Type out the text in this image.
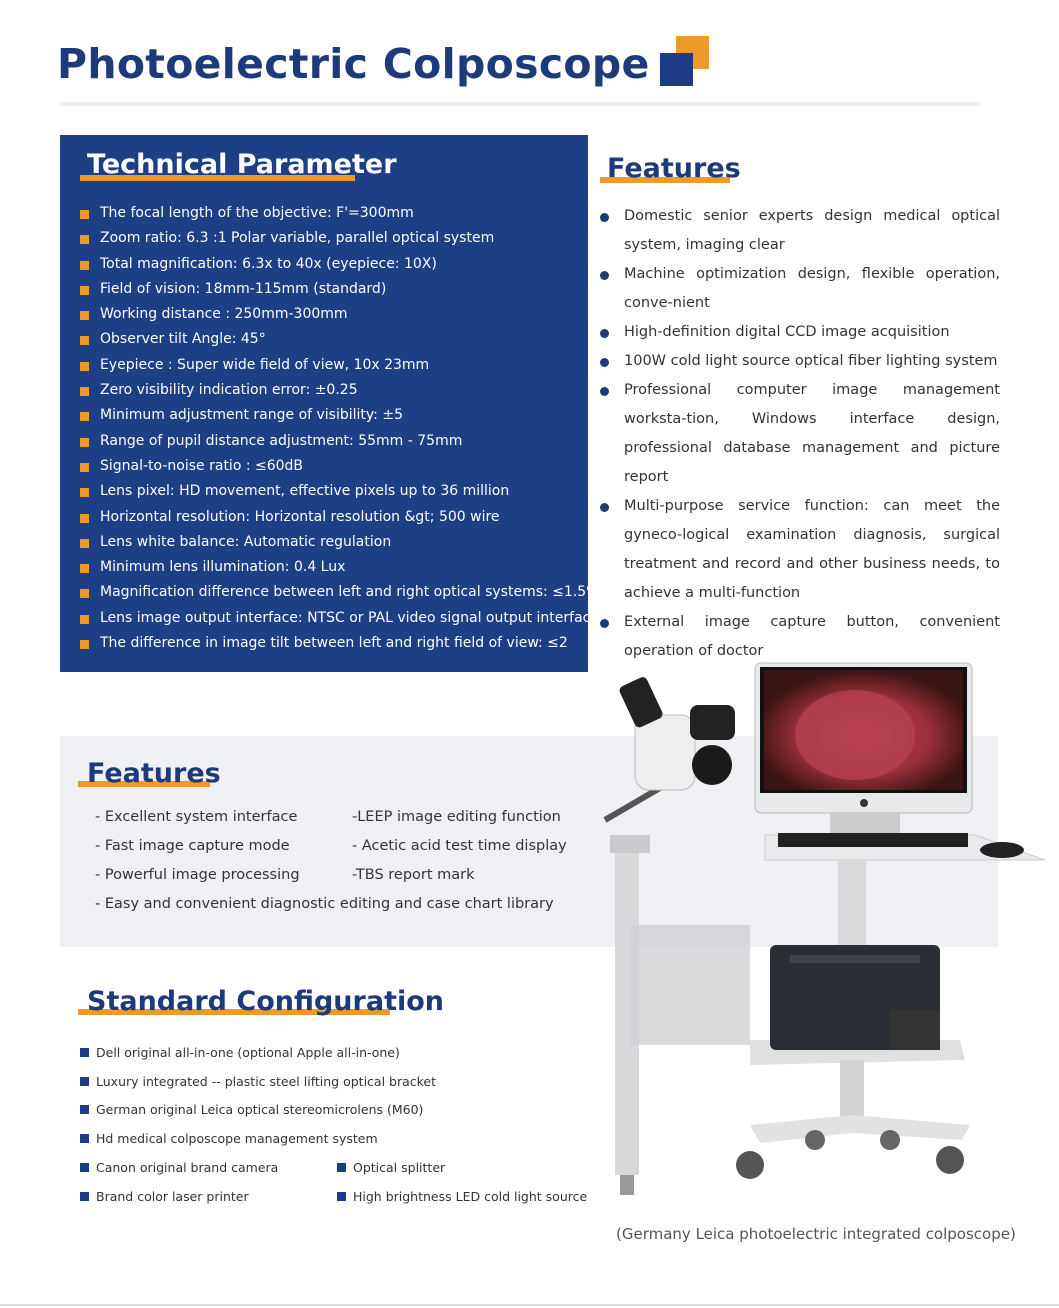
Photoelectric Colposcope
Technical Parameter
The focal length of the objective: F'=300mm
Zoom ratio: 6.3 :1 Polar variable, parallel optical system
Total magnification: 6.3x to 40x (eyepiece: 10X)
Field of vision: 18mm-115mm (standard)
Working distance : 250mm-300mm
Observer tilt Angle: 45°
Eyepiece : Super wide field of view, 10x 23mm
Zero visibility indication error: ±0.25
Minimum adjustment range of visibility: ±5
Range of pupil distance adjustment: 55mm - 75mm
Signal-to-noise ratio : ≤60dB
Lens pixel: HD movement, effective pixels up to 36 million
Horizontal resolution: Horizontal resolution &gt; 500 wire
Lens white balance: Automatic regulation
Minimum lens illumination: 0.4 Lux
Magnification difference between left and right optical systems: ≤1.5%
Lens image output interface: NTSC or PAL video signal output interface
The difference in image tilt between left and right field of view: ≤2
Features
Domestic senior experts design medical optical system, imaging clear
Machine optimization design, flexible operation, conve-nient
High-definition digital CCD image acquisition
100W cold light source optical fiber lighting system
Professional computer image management worksta-tion, Windows interface design, professional database management and picture report
Multi-purpose service function: can meet the gyneco-logical examination diagnosis, surgical treatment and record and other business needs, to achieve a multi-function
External image capture button, convenient operation of doctor
Features
- Excellent system interface
- Fast image capture mode
- Powerful image processing
- Easy and convenient diagnostic editing and case chart library
-LEEP image editing function
- Acetic acid test time display
-TBS report mark
Standard Configuration
Dell original all-in-one (optional Apple all-in-one)
Luxury integrated -- plastic steel lifting optical bracket
German original Leica optical stereomicrolens (M60)
Hd medical colposcope management system
Canon original brand camera
Brand color laser printer
Optical splitter
High brightness LED cold light source
(Germany Leica photoelectric integrated colposcope)
